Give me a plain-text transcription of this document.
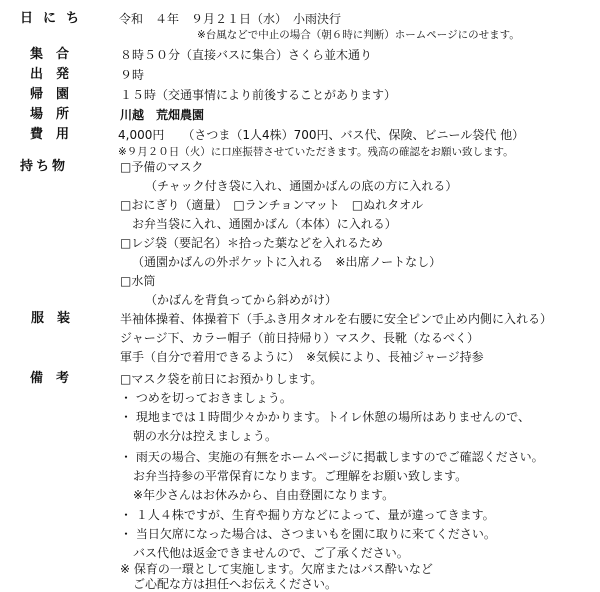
日にち 令和　４年　９月２１日（水）　小雨決行
※台風などで中止の場合（朝６時に判断）ホームページにのせます。
集　合	８時５０分（直接バスに集合）さくら並木通り
出　発	９時
帰　園	１５時（交通事情により前後することがあります）
場　所	川越　荒畑農園
費　用	4,000円　　（さつま（1人4株）700円、バス代、保険、ビニール袋代 他）
※９月２０日（火）に口座振替させていただきます。残高の確認をお願い致します。
持ち物	□予備のマスク
（チャック付き袋に入れ、通園かばんの底の方に入れる）
□おにぎり（適量）　□ランチョンマット　□ぬれタオル
お弁当袋に入れ、通園かばん（本体）に入れる）
□レジ袋（要記名）＊拾った葉などを入れるため
（通園かばんの外ポケットに入れる　※出席ノートなし）
□水筒
（かばんを背負ってから斜めがけ）
服　装	半袖体操着、体操着下（手ふき用タオルを右腰に安全ピンで止め内側に入れる）
ジャージ下、カラー帽子（前日持帰り）マスク、長靴（なるべく）
軍手（自分で着用できるように）　※気候により、長袖ジャージ持参
備　考	□マスク袋を前日にお預かりします。
・ つめを切っておきましょう。
・ 現地までは１時間少々かかります。トイレ休憩の場所はありませんので、
朝の水分は控えましょう。
・ 雨天の場合、実施の有無をホームページに掲載しますのでご確認ください。
お弁当持参の平常保育になります。ご理解をお願い致します。
※年少さんはお休みから、自由登園になります。
・ １人４株ですが、生育や掘り方などによって、量が違ってきます。
・ 当日欠席になった場合は、さつまいもを園に取りに来てください。
バス代他は返金できませんので、ご了承ください。
※ 保育の一環として実施します。欠席またはバス酔いなど
ご心配な方は担任へお伝えください。
